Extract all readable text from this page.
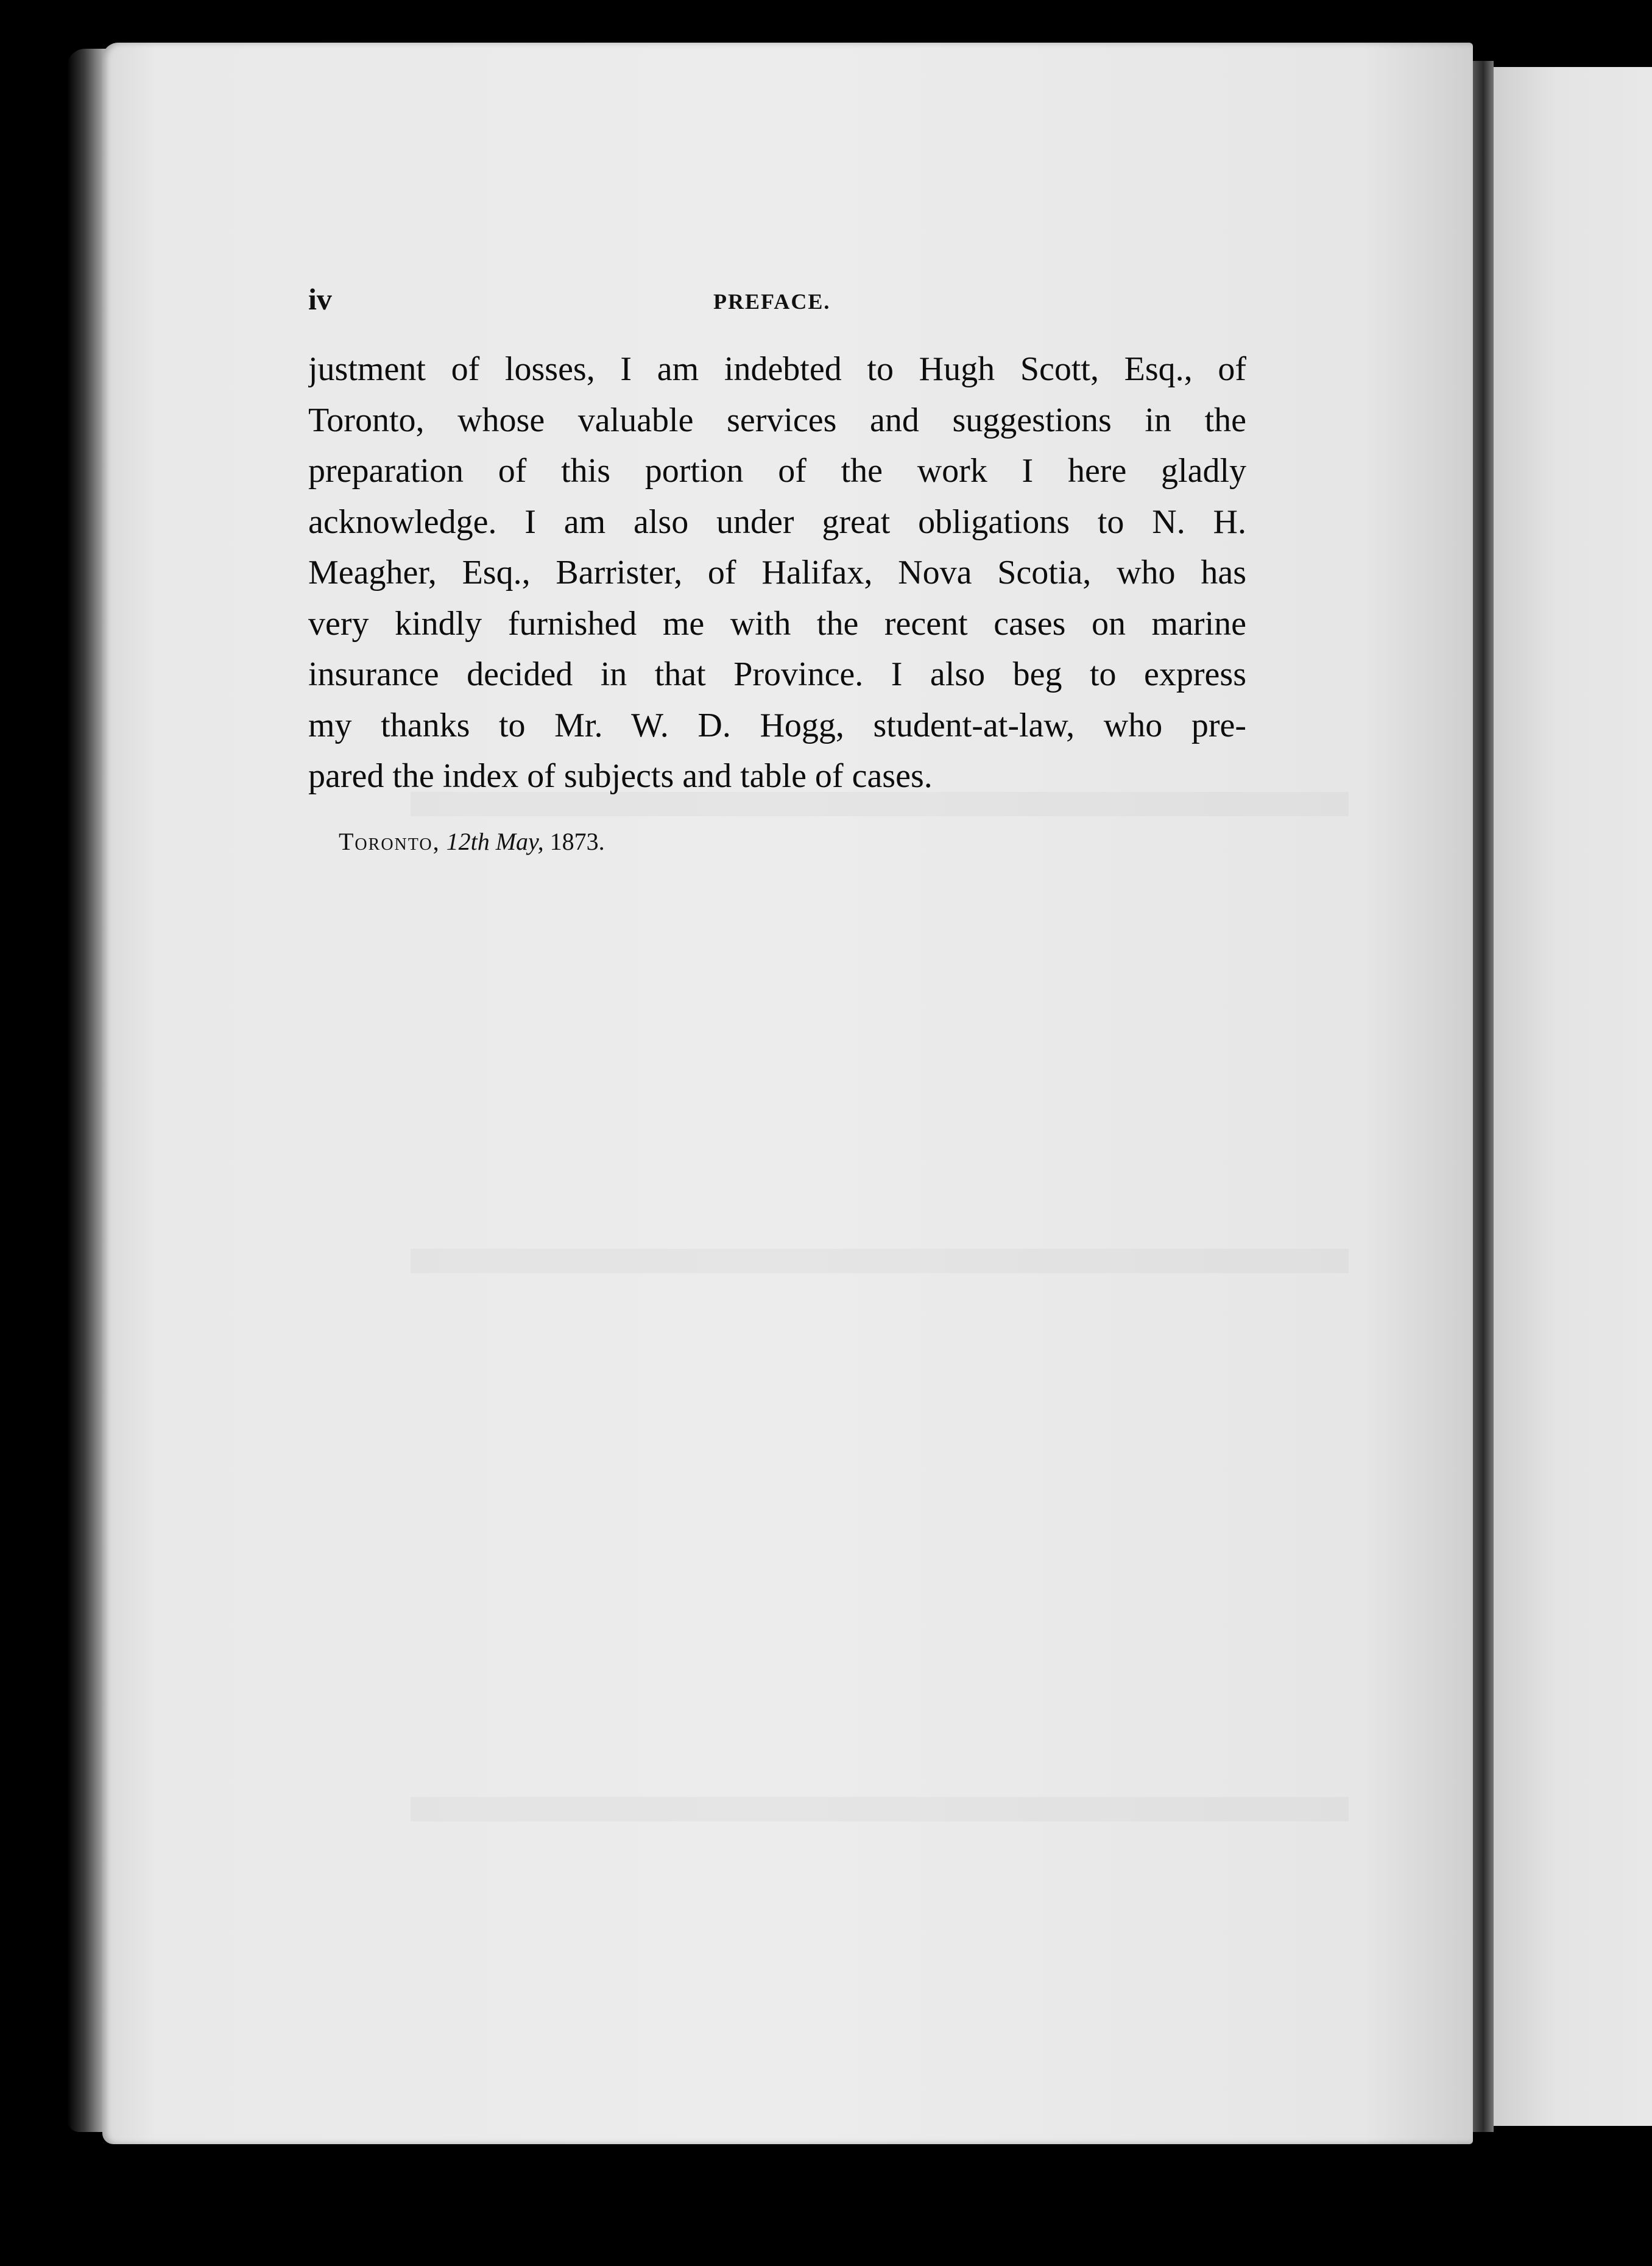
iv	PREFACE.
justment of losses, I am indebted to Hugh Scott, Esq., of
Toronto, whose valuable services and suggestions in the
preparation of this portion of the work I here gladly
acknowledge. I am also under great obligations to N. H.
Meagher, Esq., Barrister, of Halifax, Nova Scotia, who has
very kindly furnished me with the recent cases on marine
insurance decided in that Province. I also beg to express
my thanks to Mr. W. D. Hogg, student-at-law, who pre-
pared the index of subjects and table of cases.
Toronto, 12th May, 1873.
